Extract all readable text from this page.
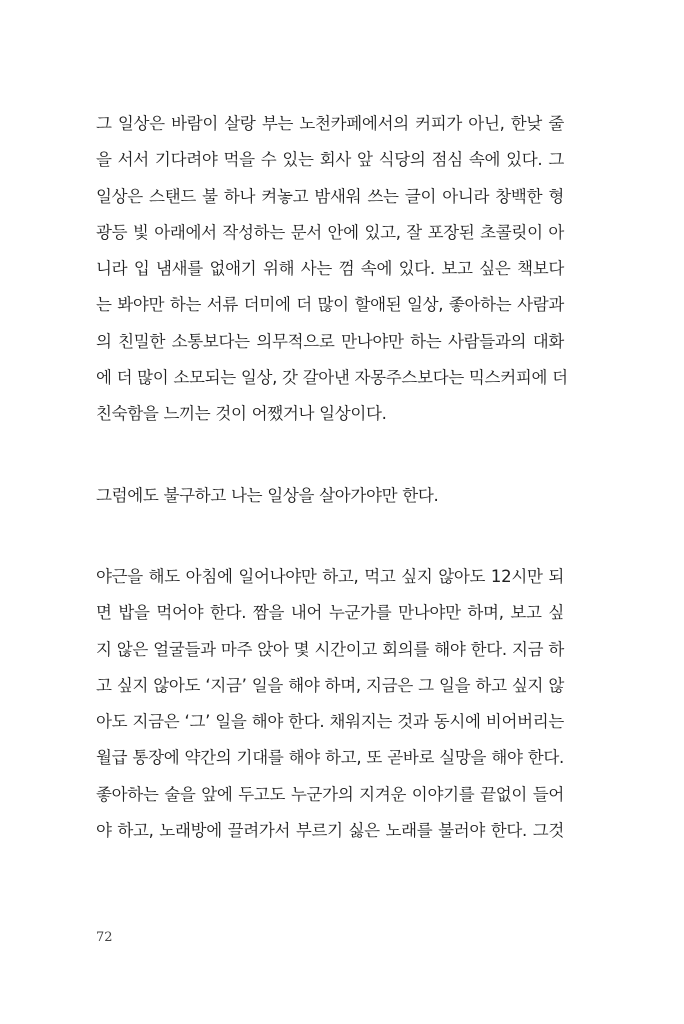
그 일상은 바람이 살랑 부는 노천카페에서의 커피가 아닌, 한낮 줄
을 서서 기다려야 먹을 수 있는 회사 앞 식당의 점심 속에 있다. 그
일상은 스탠드 불 하나 켜놓고 밤새워 쓰는 글이 아니라 창백한 형
광등 빛 아래에서 작성하는 문서 안에 있고, 잘 포장된 초콜릿이 아
니라 입 냄새를 없애기 위해 사는 껌 속에 있다. 보고 싶은 책보다
는 봐야만 하는 서류 더미에 더 많이 할애된 일상, 좋아하는 사람과
의 친밀한 소통보다는 의무적으로 만나야만 하는 사람들과의 대화
에 더 많이 소모되는 일상, 갓 갈아낸 자몽주스보다는 믹스커피에 더
친숙함을 느끼는 것이 어쨌거나 일상이다.
그럼에도 불구하고 나는 일상을 살아가야만 한다.
야근을 해도 아침에 일어나야만 하고, 먹고 싶지 않아도 12시만 되
면 밥을 먹어야 한다. 짬을 내어 누군가를 만나야만 하며, 보고 싶
지 않은 얼굴들과 마주 앉아 몇 시간이고 회의를 해야 한다. 지금 하
고 싶지 않아도 ‘지금’ 일을 해야 하며, 지금은 그 일을 하고 싶지 않
아도 지금은 ‘그’ 일을 해야 한다. 채워지는 것과 동시에 비어버리는
월급 통장에 약간의 기대를 해야 하고, 또 곧바로 실망을 해야 한다.
좋아하는 술을 앞에 두고도 누군가의 지겨운 이야기를 끝없이 들어
야 하고, 노래방에 끌려가서 부르기 싫은 노래를 불러야 한다. 그것
72
